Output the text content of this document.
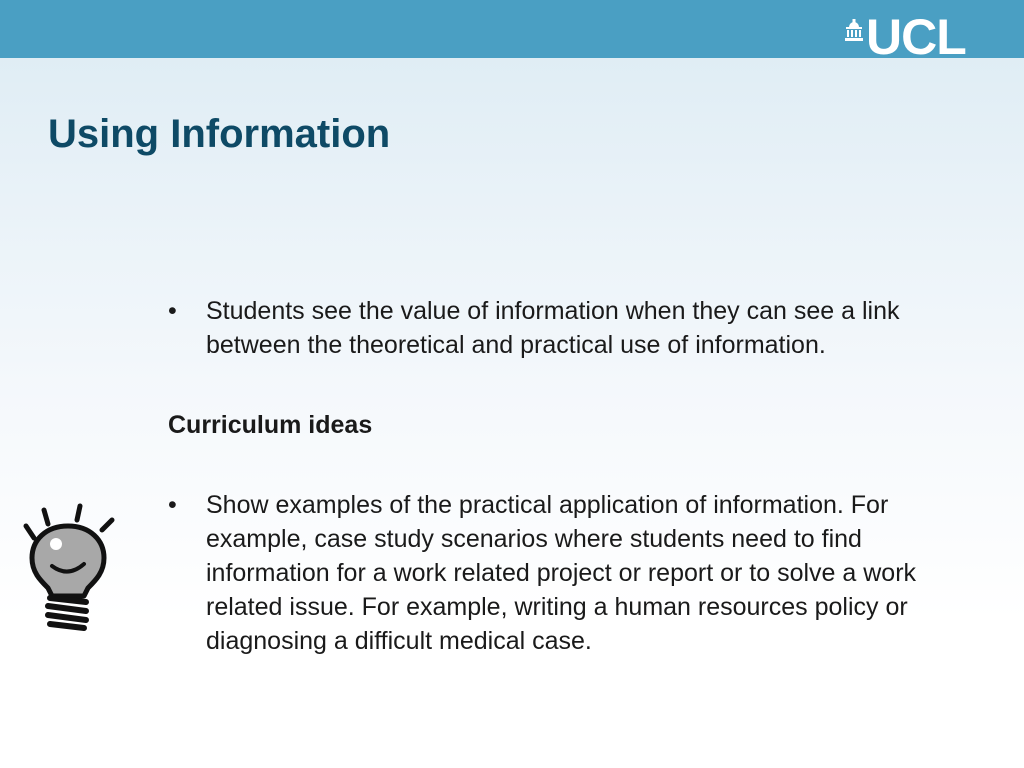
UCL
Using Information
•	Students see the value of information when they can see a link between the theoretical and practical use of information.
Curriculum ideas
•	Show examples of the practical application of information. For example, case study scenarios where students need to find information for a work related project or report or to solve a work related issue. For example, writing a human resources policy or diagnosing a difficult medical case.
